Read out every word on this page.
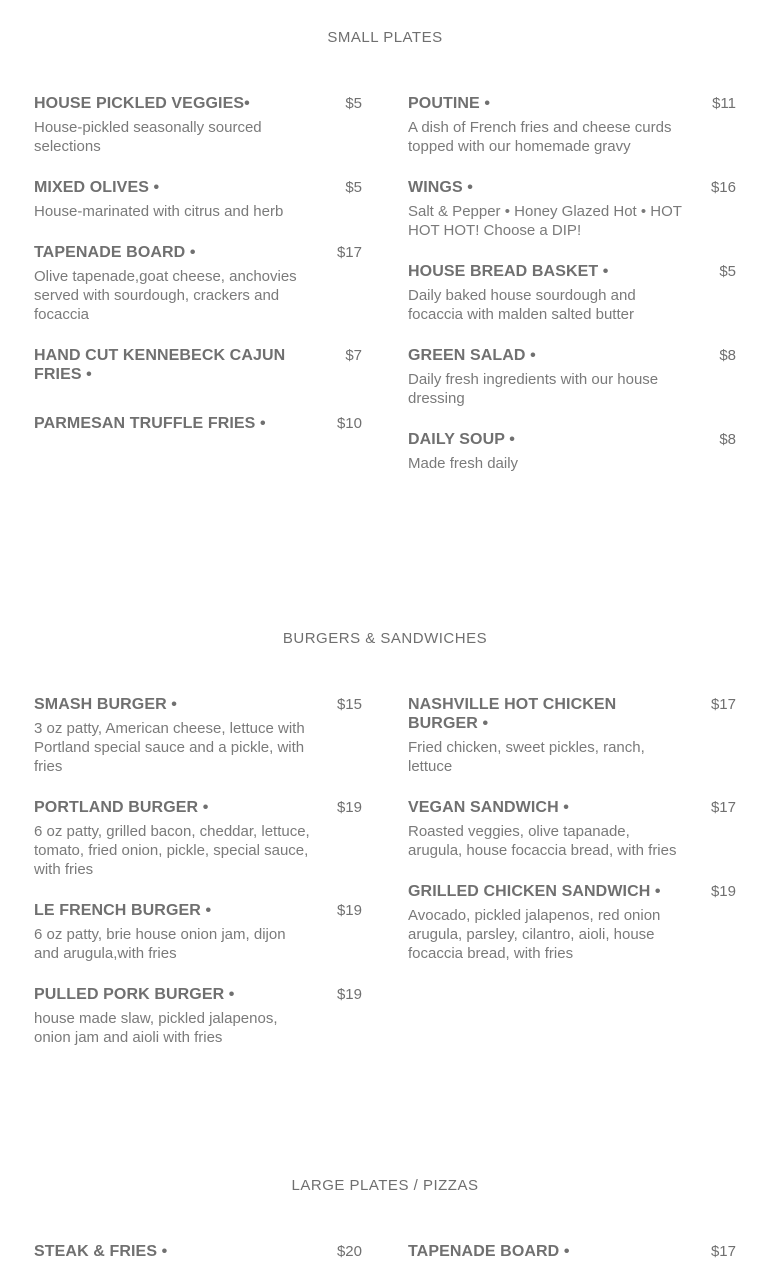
SMALL PLATES
HOUSE PICKLED VEGGIES•	$5
House-pickled seasonally sourced selections
MIXED OLIVES •	$5
House-marinated with citrus and herb
TAPENADE BOARD •	$17
Olive tapenade,goat cheese, anchovies served with sourdough, crackers and focaccia
HAND CUT KENNEBECK CAJUN FRIES •
$7
PARMESAN TRUFFLE FRIES •	$10
POUTINE •	$11
A dish of French fries and cheese curds topped with our homemade gravy
WINGS •	$16
Salt & Pepper • Honey Glazed Hot • HOT HOT HOT! Choose a DIP!
HOUSE BREAD BASKET •	$5
Daily baked house sourdough and focaccia with malden salted butter
GREEN SALAD •	$8
Daily fresh ingredients with our house dressing
DAILY SOUP •	$8
Made fresh daily
BURGERS & SANDWICHES
SMASH BURGER •	$15
3 oz patty, American cheese, lettuce with Portland special sauce and a pickle, with fries
PORTLAND BURGER •	$19
6 oz patty, grilled bacon, cheddar, lettuce, tomato, fried onion, pickle, special sauce, with fries
LE FRENCH BURGER •	$19
6 oz patty, brie house onion jam, dijon and arugula,with fries
PULLED PORK BURGER •	$19
house made slaw, pickled jalapenos, onion jam and aioli with fries
NASHVILLE HOT CHICKEN BURGER •
$17
Fried chicken, sweet pickles, ranch, lettuce
VEGAN SANDWICH •	$17
Roasted veggies, olive tapanade, arugula, house focaccia bread, with fries
GRILLED CHICKEN SANDWICH •	$19
Avocado, pickled jalapenos, red onion arugula, parsley, cilantro, aioli, house focaccia bread, with fries
LARGE PLATES / PIZZAS
STEAK & FRIES •	$20	TAPENADE BOARD •	$17
